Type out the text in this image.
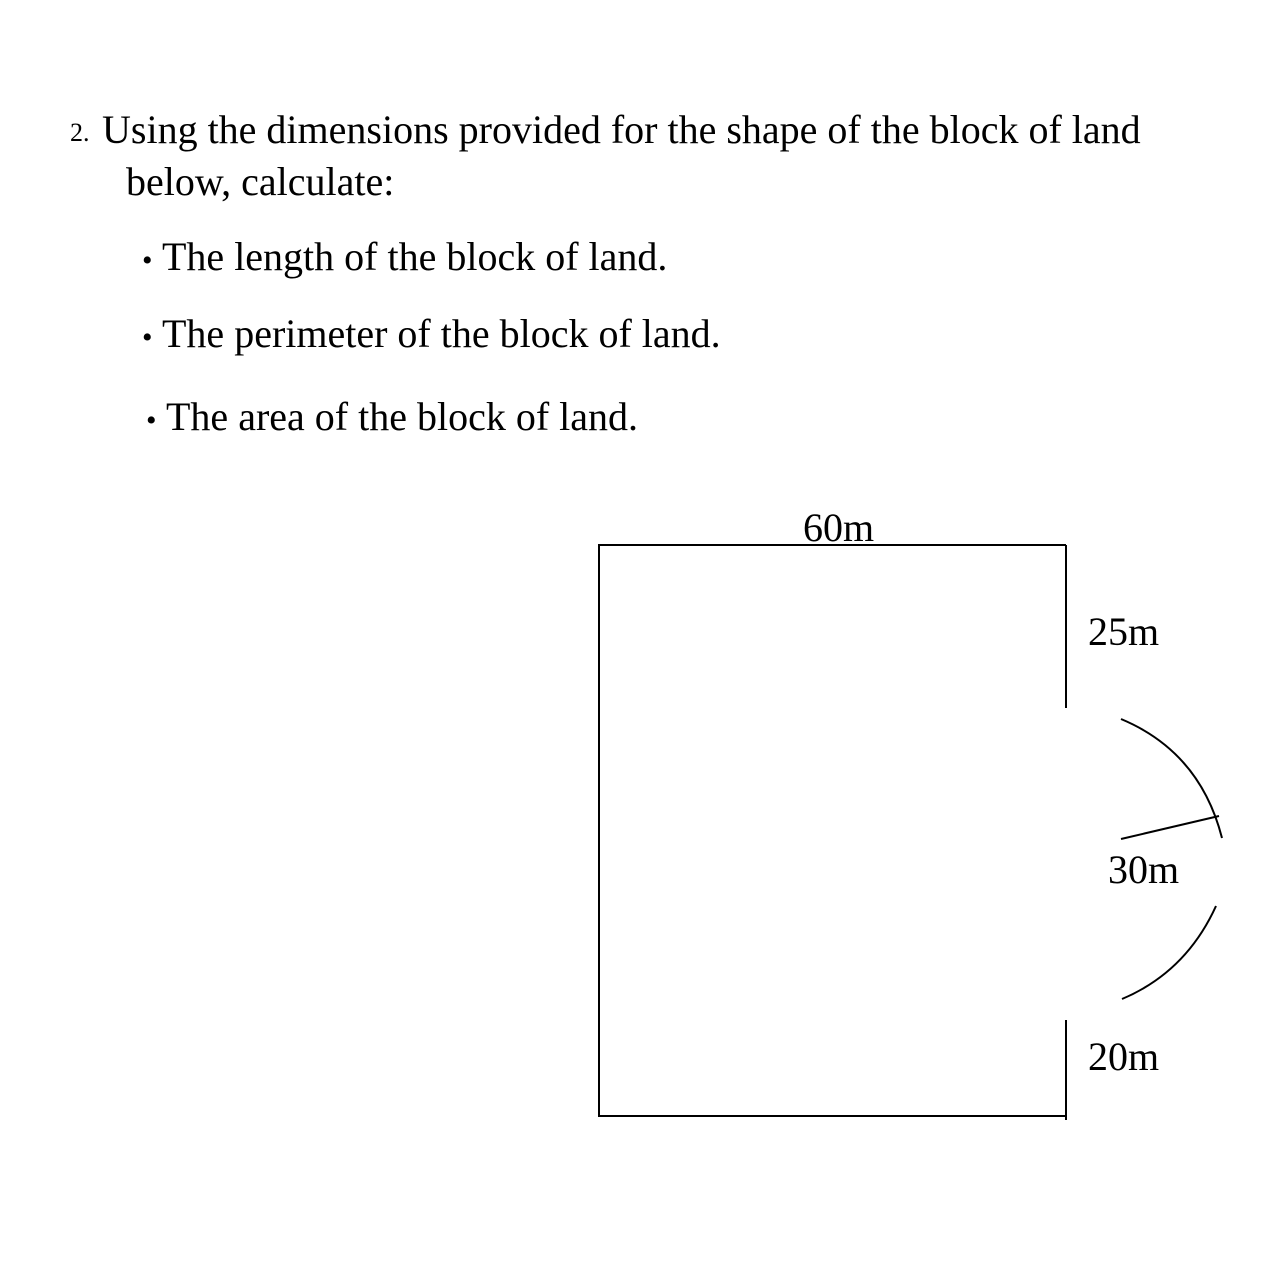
2. Using the dimensions provided for the shape of the block of land
below, calculate:
• The length of the block of land.
• The perimeter of the block of land.
• The area of the block of land.
60m
25m
30m
20m
